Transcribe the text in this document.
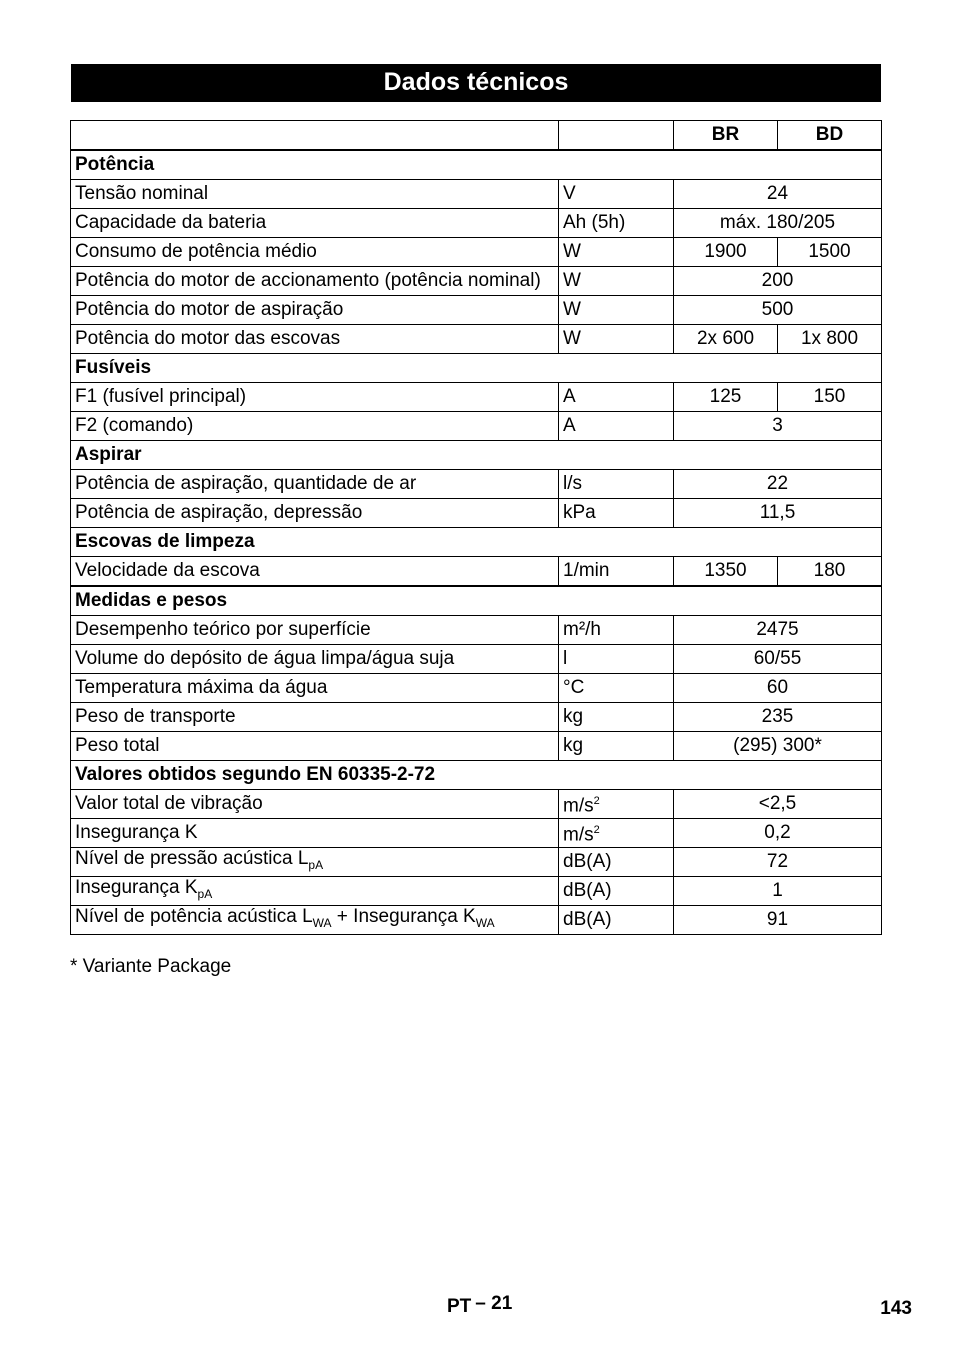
Dados técnicos
		BR	BD
Potência			
Tensão nominal	V	24	
Capacidade da bateria	Ah (5h)	máx. 180/205	
Consumo de potência médio	W	1900	1500
Potência do motor de accionamento (potência nominal)	W	200	
Potência do motor de aspiração	W	500	
Potência do motor das escovas	W	2x 600	1x 800
Fusíveis			
F1 (fusível principal)	A	125	150
F2 (comando)	A	3	
Aspirar			
Potência de aspiração, quantidade de ar	l/s	22	
Potência de aspiração, depressão	kPa	11,5	
Escovas de limpeza			
Velocidade da escova	1/min	1350	180
Medidas e pesos			
Desempenho teórico por superfície	m²/h	2475	
Volume do depósito de água limpa/água suja	l	60/55	
Temperatura máxima da água	°C	60	
Peso de transporte	kg	235	
Peso total	kg	(295) 300*	
Valores obtidos segundo EN 60335-2-72			
Valor total de vibração	$m/s^2$	<2,5	
Insegurança K	$m/s^2$	0,2	
Nível de pressão acústica $L_{pA}$	dB(A)	72	
Insegurança $K_{pA}$	dB(A)	1	
Nível de potência acústica $L_{WA}$ + Insegurança $K_{WA}$	dB(A)	91	
* Variante Package
PT – 21	143
